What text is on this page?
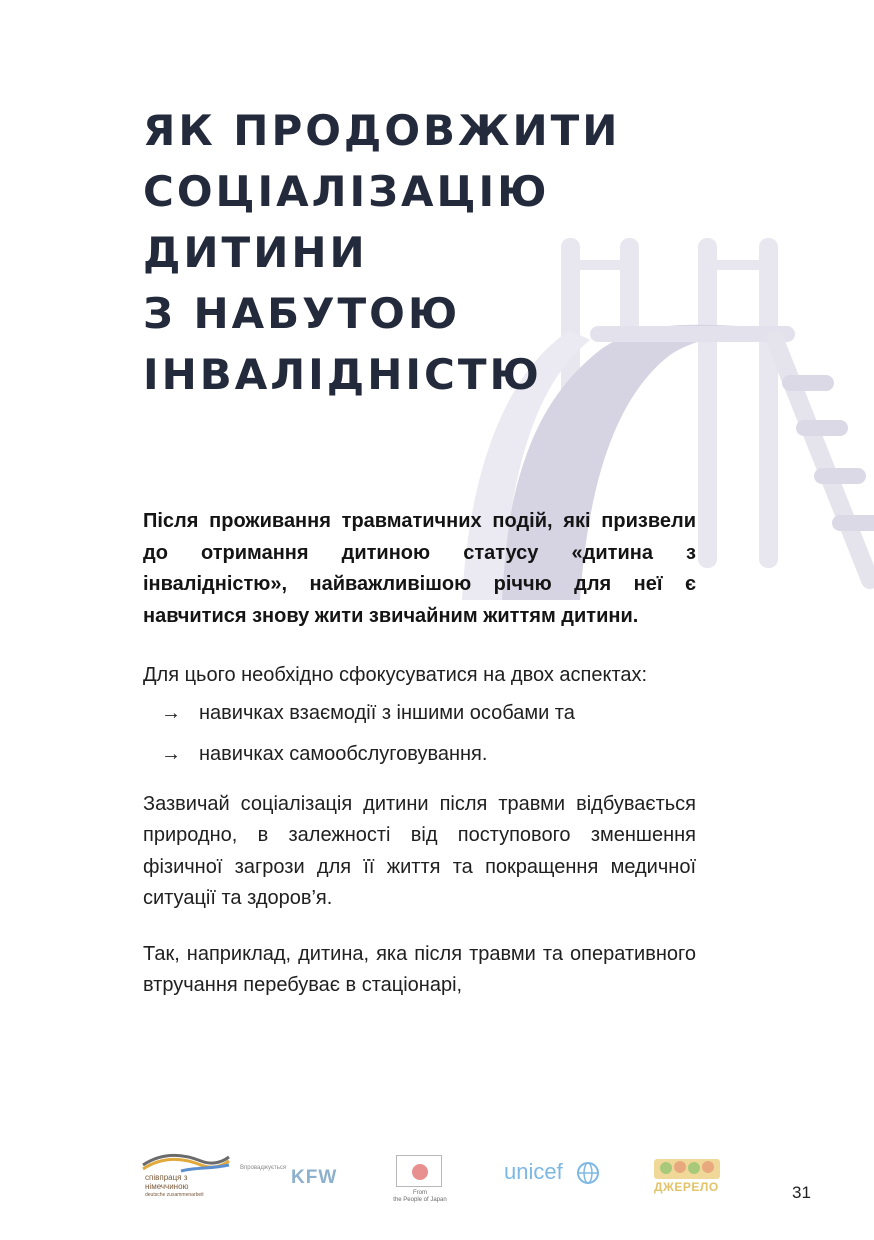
ЯК ПРОДОВЖИТИ
СОЦІАЛІЗАЦІЮ
ДИТИНИ
З НАБУТОЮ
ІНВАЛІДНІСТЮ

Після проживання травматичних подій, які призвели до отримання дитиною статусу «дитина з інвалідністю», найважливішою річчю для неї є навчитися знову жити звичайним життям дитини.

Для цього необхідно сфокусуватися на двох аспектах:

→ навичках взаємодії з іншими особами та
→ навичках самообслуговування.

Зазвичай соціалізація дитини після травми відбувається природно, в залежності від поступового зменшення фізичної загрози для її життя та покращення медичної ситуації та здоров’я.

Так, наприклад, дитина, яка після травми та оперативного втручання перебуває в стаціонарі,

співпраця з
німеччиною
deutsche zusammenarbeit
Впроваджується KFW
From
the People of Japan
unicef
ДЖЕРЕЛО	31
